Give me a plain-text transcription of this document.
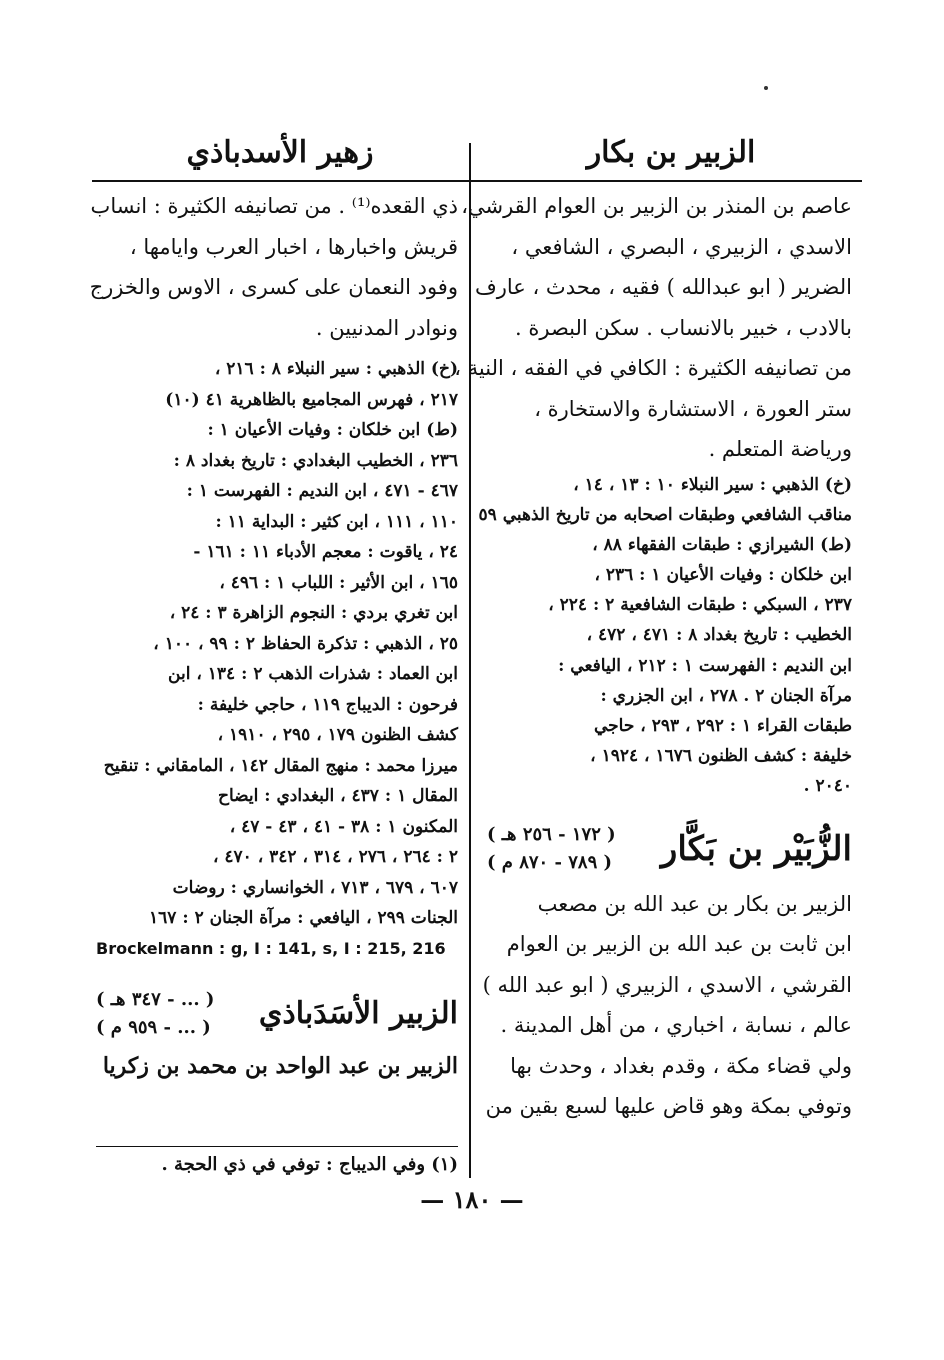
الزبير بن بكار
زهير الأسدباذي
عاصم بن المنذر بن الزبير بن العوام القرشي،
الاسدي ، الزبيري ، البصري ، الشافعي ،
الضرير ( ابو عبدالله ) فقيه ، محدث ، عارف
بالادب ، خبير بالانساب . سكن البصرة .
من تصانيفه الكثيرة : الكافي في الفقه ، النية ،
ستر العورة ، الاستشارة والاستخارة ،
ورياضة المتعلم .
(خ) الذهبي : سير النبلاء ١٠ : ١٣ ، ١٤ ،
مناقب الشافعي وطبقات اصحابه من تاريخ الذهبي ٥٩
(ط) الشيرازي : طبقات الفقهاء ٨٨ ،
ابن خلكان : وفيات الأعيان ١ : ٢٣٦ ،
٢٣٧ ، السبكي : طبقات الشافعية ٢ : ٢٢٤ ،
الخطيب : تاريخ بغداد ٨ : ٤٧١ ، ٤٧٢ ،
ابن النديم : الفهرست ١ : ٢١٢ ، اليافعي :
مرآة الجنان ٢ . ٢٧٨ ، ابن الجزري :
طبقات القراء ١ : ٢٩٢ ، ٢٩٣ ، حاجي
خليفة : كشف الظنون ١٦٧٦ ، ١٩٢٤ ،
٢٠٤٠ .
الزُّبَيْر بن بَكَّار
( ١٧٢ - ٢٥٦ هـ )
( ٧٨٩ - ٨٧٠ م )
الزبير بن بكار بن عبد الله بن مصعب
ابن ثابت بن عبد الله بن الزبير بن العوام
القرشي ، الاسدي ، الزبيري ( ابو عبد الله )
عالم ، نسابة ، اخباري ، من أهل المدينة .
ولي قضاء مكة ، وقدم بغداد ، وحدث بها
وتوفي بمكة وهو قاض عليها لسبع بقين من
ذي القعده⁽¹⁾ . من تصانيفه الكثيرة : انساب
قريش واخبارها ، اخبار العرب وايامها ،
وفود النعمان على كسرى ، الاوس والخزرج
ونوادر المدنيين .
(خ) الذهبي : سير النبلاء ٨ : ٢١٦ ،
٢١٧ ، فهرس المجاميع بالظاهرية ٤١ (١٠)
(ط) ابن خلكان : وفيات الأعيان ١ :
٢٣٦ ، الخطيب البغدادي : تاريخ بغداد ٨ :
٤٦٧ - ٤٧١ ، ابن النديم : الفهرست ١ :
١١٠ ، ١١١ ، ابن كثير : البداية ١١ :
٢٤ ، ياقوت : معجم الأدباء ١١ : ١٦١ -
١٦٥ ، ابن الأثير : اللباب ١ : ٤٩٦ ،
ابن تغري بردي : النجوم الزاهرة ٣ : ٢٤ ،
٢٥ ، الذهبي : تذكرة الحفاظ ٢ : ٩٩ ، ١٠٠ ،
ابن العماد : شذرات الذهب ٢ : ١٣٤ ، ابن
فرحون : الديباج ١١٩ ، حاجي خليفة :
كشف الظنون ١٧٩ ، ٢٩٥ ، ١٩١٠ ،
ميرزا محمد : منهج المقال ١٤٢ ، المامقاني : تنقيح
المقال ١ : ٤٣٧ ، البغدادي : ايضاح
المكنون ١ : ٣٨ - ٤١ ، ٤٣ - ٤٧ ،
٢ : ٢٦٤ ، ٢٧٦ ، ٣١٤ ، ٣٤٢ ، ٤٧٠ ،
٦٠٧ ، ٦٧٩ ، ٧١٣ ، الخوانساري : روضات
الجنات ٢٩٩ ، اليافعي : مرآة الجنان ٢ : ١٦٧
Brockelmann : g, I : 141, s, I : 215, 216
الزبير الأسَدَباذي
( ... - ٣٤٧ هـ )
( ... - ٩٥٩ م )
الزبير بن عبد الواحد بن محمد بن زكريا
(١) وفي الديباج : توفي في ذي الحجة .
— ١٨٠ —
